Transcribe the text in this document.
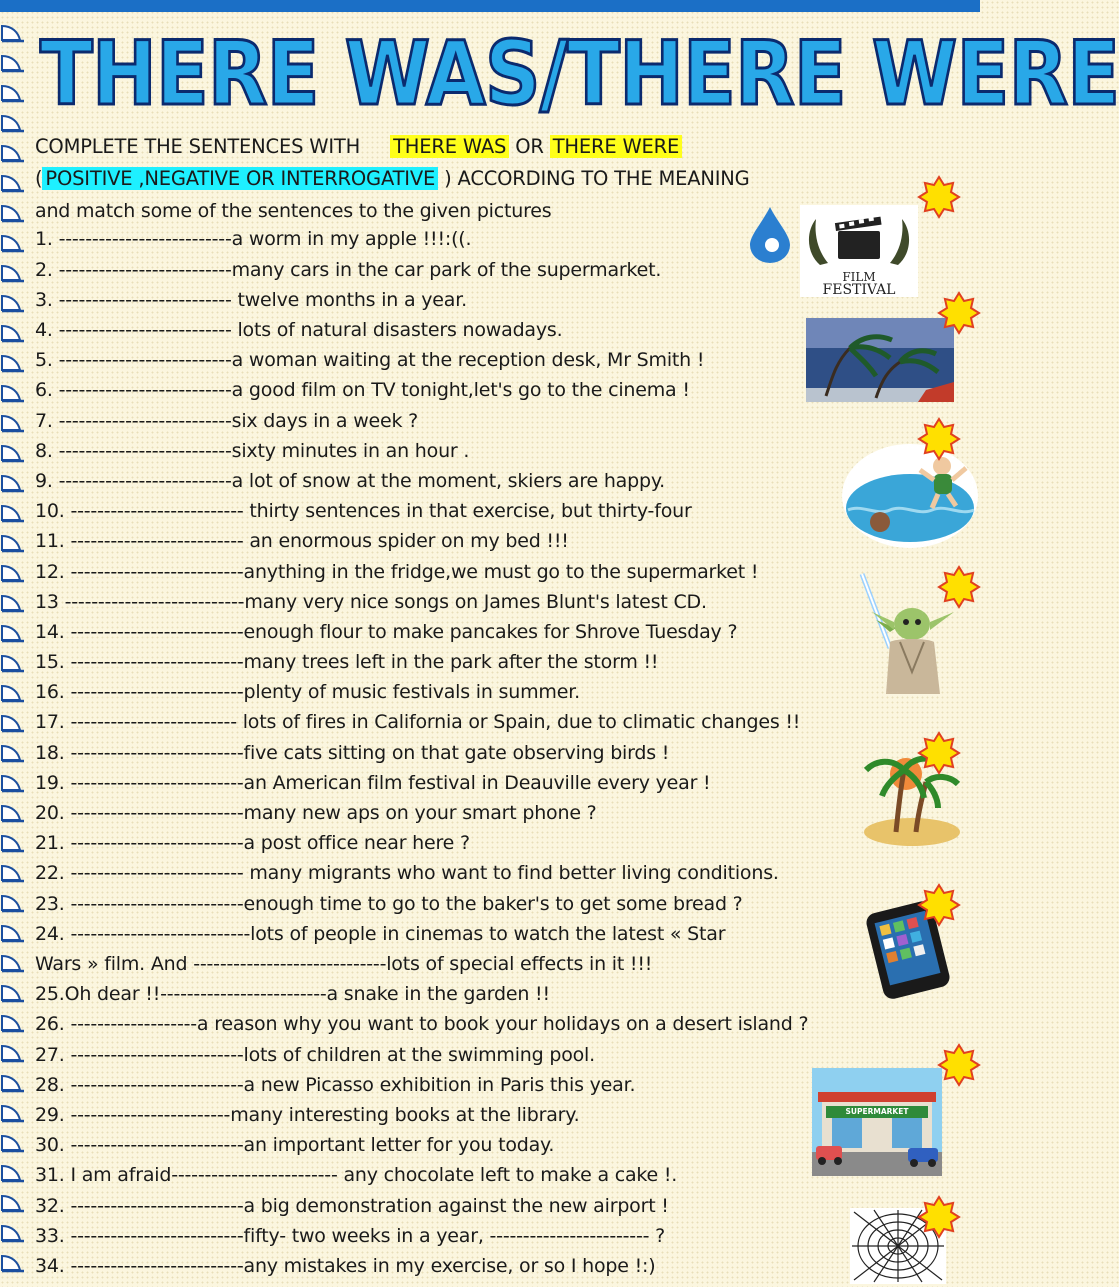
THERE WAS/THERE WERE
COMPLETE THE SENTENCES WITH THERE WAS OR THERE WERE
( POSITIVE ,NEGATIVE OR INTERROGATIVE ) ACCORDING TO THE MEANING
and match some of the sentences to the given pictures
1. --------------------------a worm in my apple !!!:((.
2. --------------------------many cars in the car park of the supermarket.
3. -------------------------- twelve months in a year.
4. -------------------------- lots of natural disasters nowadays.
5. --------------------------a woman waiting at the reception desk, Mr Smith !
6. --------------------------a good film on TV tonight,let's go to the cinema !
7. --------------------------six days in a week ?
8. --------------------------sixty minutes in an hour .
9. --------------------------a lot of snow at the moment, skiers are happy.
10. -------------------------- thirty sentences in that exercise, but thirty-four
11. -------------------------- an enormous spider on my bed !!!
12. --------------------------anything in the fridge,we must go to the supermarket !
13 ---------------------------many very nice songs on James Blunt's latest CD.
14. --------------------------enough flour to make pancakes for Shrove Tuesday ?
15. --------------------------many trees left in the park after the storm !!
16. --------------------------plenty of music festivals in summer.
17. ------------------------- lots of fires in California or Spain, due to climatic changes !!
18. --------------------------five cats sitting on that gate observing birds !
19. --------------------------an American film festival in Deauville every year !
20. --------------------------many new aps on your smart phone ?
21. --------------------------a post office near here ?
22. -------------------------- many migrants who want to find better living conditions.
23. --------------------------enough time to go to the baker's to get some bread ?
24. ---------------------------lots of people in cinemas to watch the latest « Star
Wars » film. And -----------------------------lots of special effects in it !!!
25.Oh dear !!-------------------------a snake in the garden !!
26. -------------------a reason why you want to book your holidays on a desert island ?
27. --------------------------lots of children at the swimming pool.
28. --------------------------a new Picasso exhibition in Paris this year.
29. ------------------------many interesting books at the library.
30. --------------------------an important letter for you today.
31. I am afraid------------------------- any chocolate left to make a cake !.
32. --------------------------a big demonstration against the new airport !
33. --------------------------fifty- two weeks in a year, ------------------------ ?
34. --------------------------any mistakes in my exercise, or so I hope !:)
FILM
FESTIVAL
SUPERMARKET
